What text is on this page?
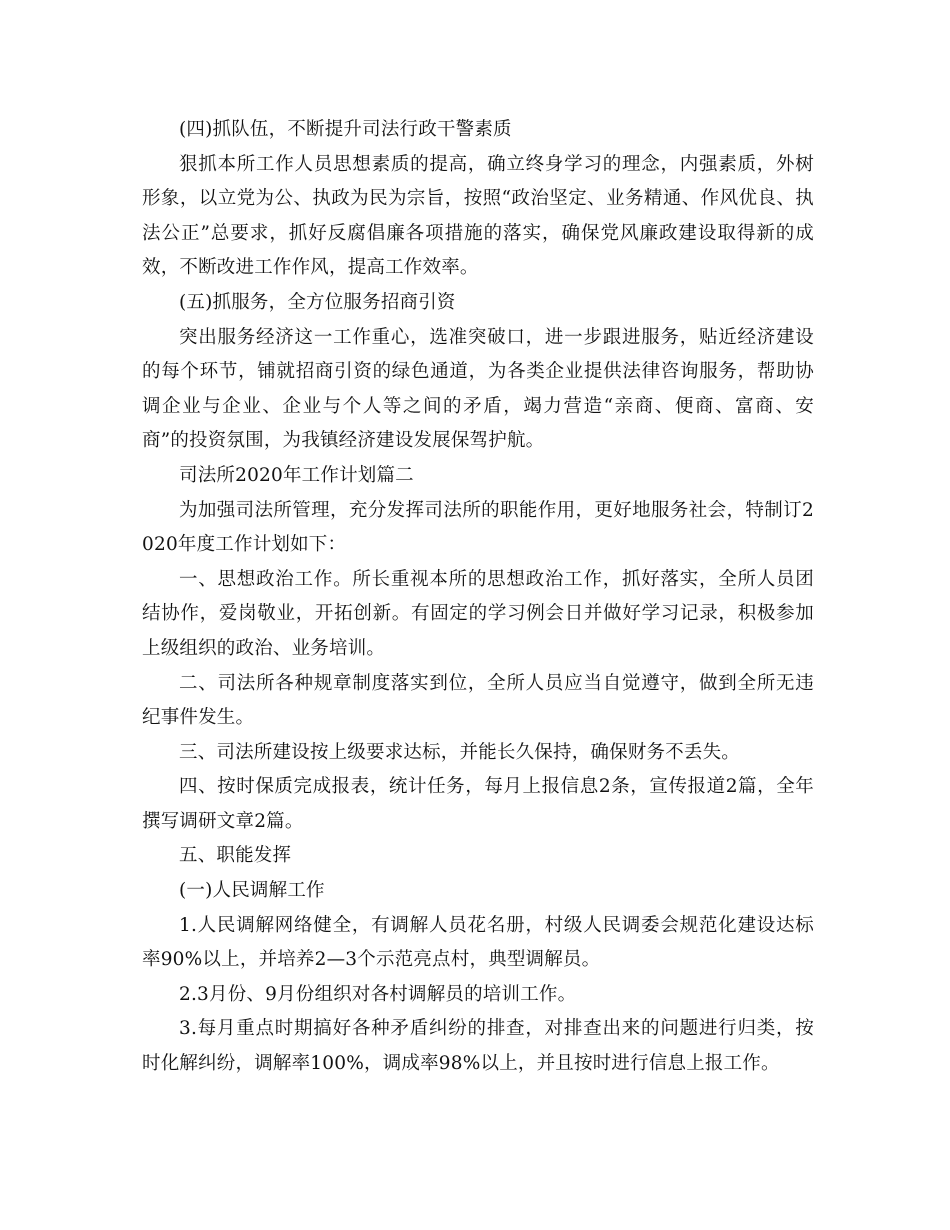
(四)抓队伍，不断提升司法行政干警素质

狠抓本所工作人员思想素质的提高，确立终身学习的理念，内强素质，外树形象，以立党为公、执政为民为宗旨，按照“政治坚定、业务精通、作风优良、执法公正”总要求，抓好反腐倡廉各项措施的落实，确保党风廉政建设取得新的成效，不断改进工作作风，提高工作效率。

(五)抓服务，全方位服务招商引资

突出服务经济这一工作重心，选准突破口，进一步跟进服务，贴近经济建设的每个环节，铺就招商引资的绿色通道，为各类企业提供法律咨询服务，帮助协调企业与企业、企业与个人等之间的矛盾，竭力营造“亲商、便商、富商、安商”的投资氛围，为我镇经济建设发展保驾护航。

司法所2020年工作计划篇二

为加强司法所管理，充分发挥司法所的职能作用，更好地服务社会，特制订2020年度工作计划如下：

一、思想政治工作。所长重视本所的思想政治工作，抓好落实，全所人员团结协作，爱岗敬业，开拓创新。有固定的学习例会日并做好学习记录，积极参加上级组织的政治、业务培训。

二、司法所各种规章制度落实到位，全所人员应当自觉遵守，做到全所无违纪事件发生。

三、司法所建设按上级要求达标，并能长久保持，确保财务不丢失。

四、按时保质完成报表，统计任务，每月上报信息2条，宣传报道2篇，全年撰写调研文章2篇。

五、职能发挥

(一)人民调解工作

1.人民调解网络健全，有调解人员花名册，村级人民调委会规范化建设达标率90%以上，并培养2—3个示范亮点村，典型调解员。

2.3月份、9月份组织对各村调解员的培训工作。

3.每月重点时期搞好各种矛盾纠纷的排查，对排查出来的问题进行归类，按时化解纠纷，调解率100%，调成率98%以上，并且按时进行信息上报工作。
